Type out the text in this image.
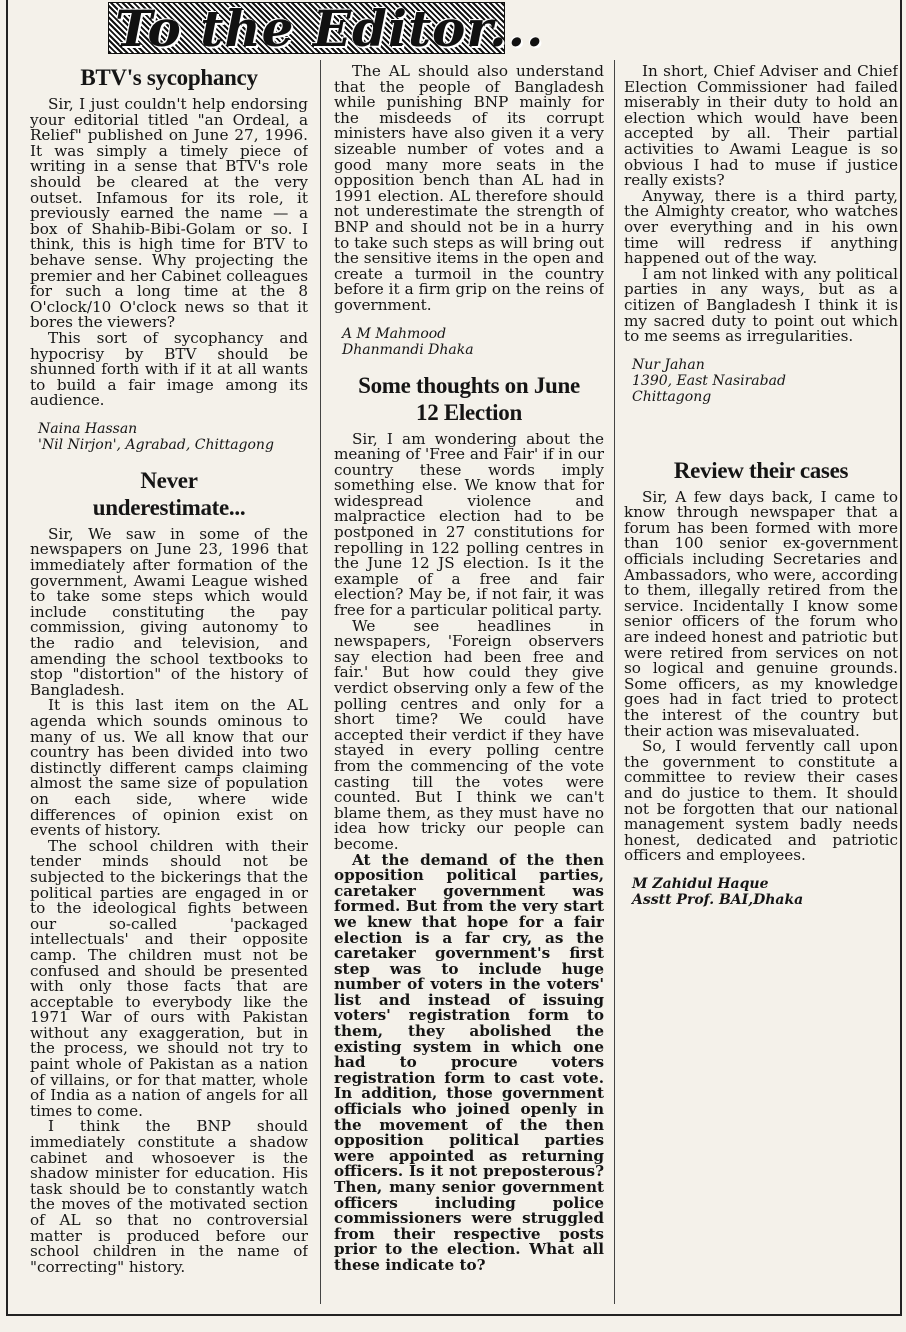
To the Editor...
BTV's sycophancy

Sir, I just couldn't help endorsing your editorial titled "an Ordeal, a Relief" published on June 27, 1996. It was simply a timely piece of writing in a sense that BTV's role should be cleared at the very outset. Infamous for its role, it previously earned the name — a box of Shahib-Bibi-Golam or so. I think, this is high time for BTV to behave sense. Why projecting the premier and her Cabinet colleagues for such a long time at the 8 O'clock/10 O'clock news so that it bores the viewers?

This sort of sycophancy and hypocrisy by BTV should be shunned forth with if it at all wants to build a fair image among its audience.

Naina Hassan
'Nil Nirjon', Agrabad, Chittagong
Never underestimate...

Sir, We saw in some of the newspapers on June 23, 1996 that immediately after formation of the government, Awami League wished to take some steps which would include constituting the pay commission, giving autonomy to the radio and television, and amending the school textbooks to stop "distortion" of the history of Bangladesh.

It is this last item on the AL agenda which sounds ominous to many of us. We all know that our country has been divided into two distinctly different camps claiming almost the same size of population on each side, where wide differences of opinion exist on events of history.

The school children with their tender minds should not be subjected to the bickerings that the political parties are engaged in or to the ideological fights between our so-called 'packaged intellectuals' and their opposite camp. The children must not be confused and should be presented with only those facts that are acceptable to everybody like the 1971 War of ours with Pakistan without any exaggeration, but in the process, we should not try to paint whole of Pakistan as a nation of villains, or for that matter, whole of India as a nation of angels for all times to come.

I think the BNP should immediately constitute a shadow cabinet and whosoever is the shadow minister for education. His task should be to constantly watch the moves of the motivated section of AL so that no controversial matter is produced before our school children in the name of "correcting" history.

The AL should also understand that the people of Bangladesh while punishing BNP mainly for the misdeeds of its corrupt ministers have also given it a very sizeable number of votes and a good many more seats in the opposition bench than AL had in 1991 election. AL therefore should not underestimate the strength of BNP and should not be in a hurry to take such steps as will bring out the sensitive items in the open and create a turmoil in the country before it a firm grip on the reins of government.

A M Mahmood
Dhanmandi Dhaka
Some thoughts on June 12 Election

Sir, I am wondering about the meaning of 'Free and Fair' if in our country these words imply something else. We know that for widespread violence and malpractice election had to be postponed in 27 constitutions for repolling in 122 polling centres in the June 12 JS election. Is it the example of a free and fair election? May be, if not fair, it was free for a particular political party.

We see headlines in newspapers, 'Foreign observers say election had been free and fair.' But how could they give verdict observing only a few of the polling centres and only for a short time? We could have accepted their verdict if they have stayed in every polling centre from the commencing of the vote casting till the votes were counted. But I think we can't blame them, as they must have no idea how tricky our people can become.

At the demand of the then opposition political parties, caretaker government was formed. But from the very start we knew that hope for a fair election is a far cry, as the caretaker government's first step was to include huge number of voters in the voters' list and instead of issuing voters' registration form to them, they abolished the existing system in which one had to procure voters registration form to cast vote. In addition, those government officials who joined openly in the movement of the then opposition political parties were appointed as returning officers. Is it not preposterous? Then, many senior government officers including police commissioners were struggled from their respective posts prior to the election. What all these indicate to?

In short, Chief Adviser and Chief Election Commissioner had failed miserably in their duty to hold an election which would have been accepted by all. Their partial activities to Awami League is so obvious I had to muse if justice really exists?

Anyway, there is a third party, the Almighty creator, who watches over everything and in his own time will redress if anything happened out of the way.

I am not linked with any political parties in any ways, but as a citizen of Bangladesh I think it is my sacred duty to point out which to me seems as irregularities.

Nur Jahan
1390, East Nasirabad
Chittagong
Review their cases

Sir, A few days back, I came to know through newspaper that a forum has been formed with more than 100 senior ex-government officials including Secretaries and Ambassadors, who were, according to them, illegally retired from the service. Incidentally I know some senior officers of the forum who are indeed honest and patriotic but were retired from services on not so logical and genuine grounds. Some officers, as my knowledge goes had in fact tried to protect the interest of the country but their action was misevaluated.

So, I would fervently call upon the government to constitute a committee to review their cases and do justice to them. It should not be forgotten that our national management system badly needs honest, dedicated and patriotic officers and employees.

M Zahidul Haque
Asstt Prof. BAI,Dhaka
